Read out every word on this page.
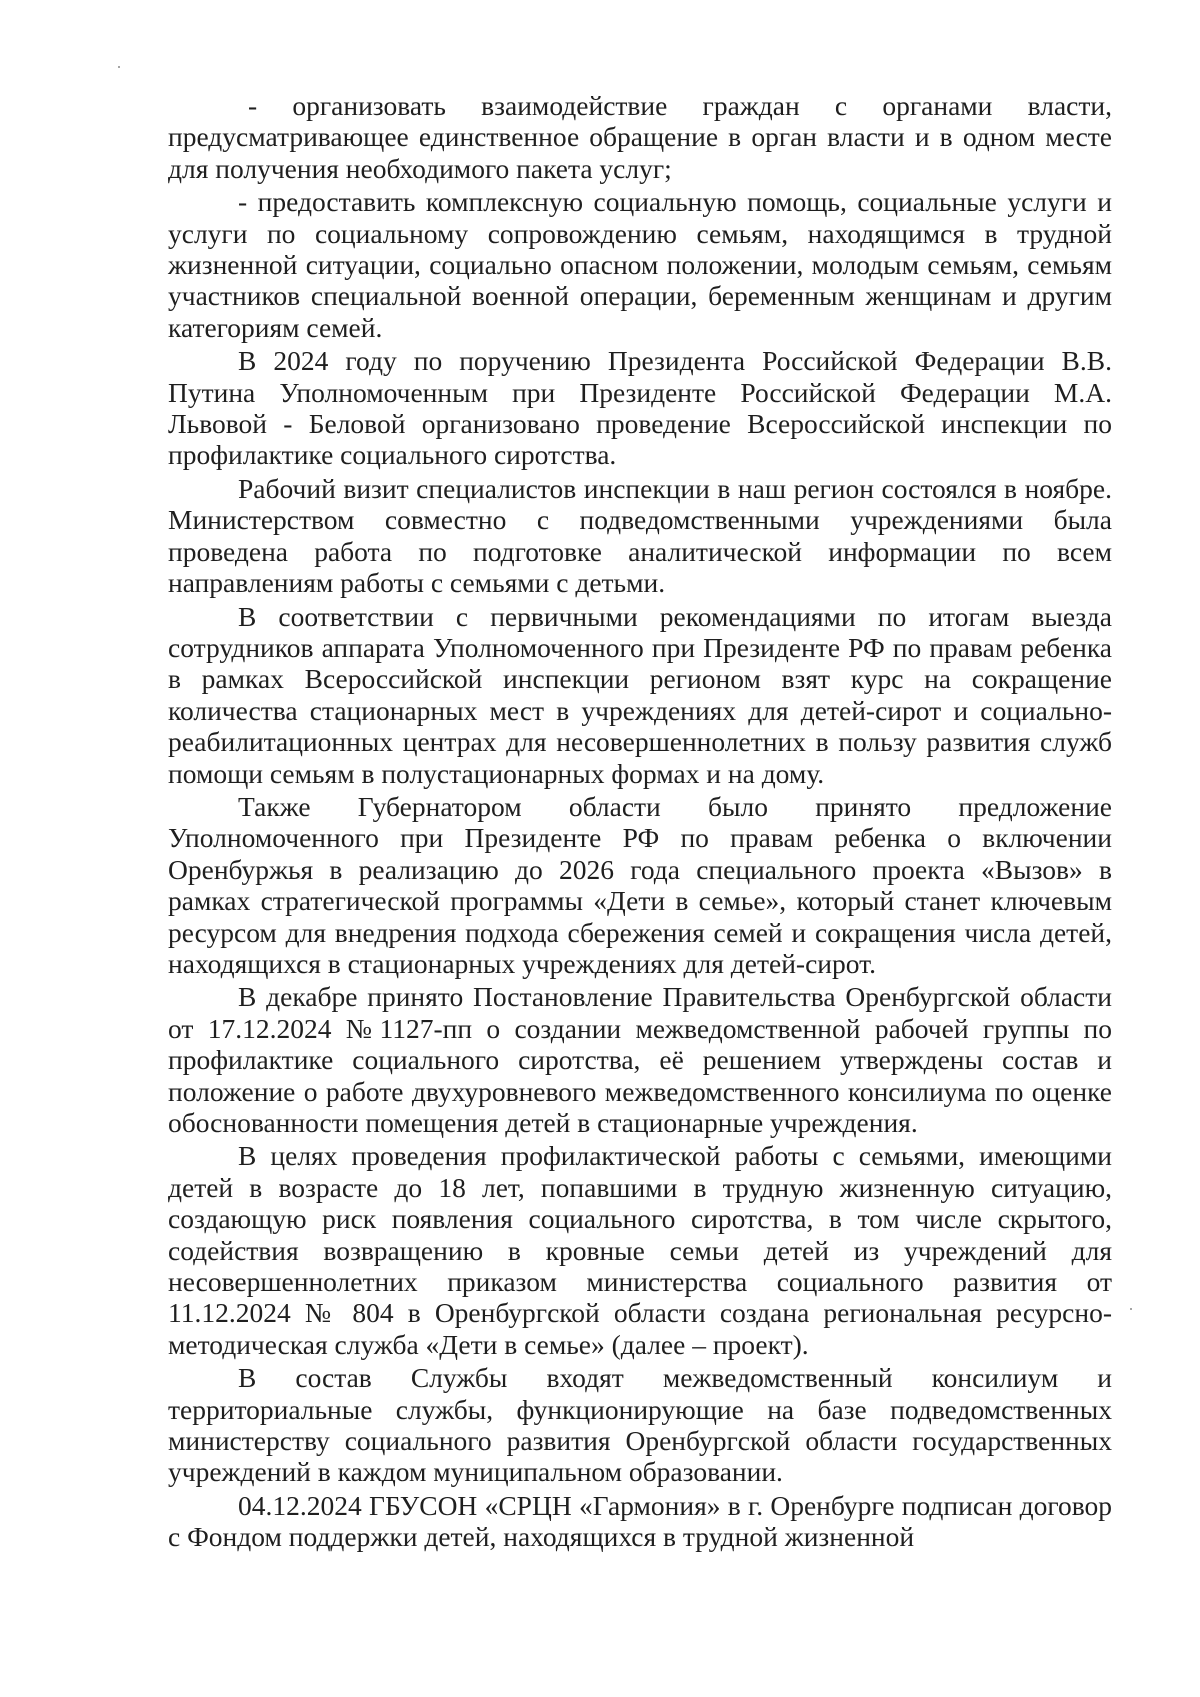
-    организовать    взаимодействие    граждан    с    органами    власти, предусматривающее единственное обращение в орган власти и в одном месте для получения необходимого пакета услуг;

- предоставить комплексную социальную помощь, социальные услуги и услуги по социальному сопровождению семьям, находящимся в трудной жизненной ситуации, социально опасном положении, молодым семьям, семьям участников специальной военной операции, беременным женщинам и другим категориям семей.

В 2024 году по поручению Президента Российской Федерации В.В. Путина Уполномоченным при Президенте Российской Федерации М.А. Львовой - Беловой организовано проведение Всероссийской инспекции по профилактике социального сиротства.

Рабочий визит специалистов инспекции в наш регион состоялся в ноябре. Министерством совместно с подведомственными учреждениями была проведена работа по подготовке аналитической информации по всем направлениям работы с семьями с детьми.

В соответствии с первичными рекомендациями по итогам выезда сотрудников аппарата Уполномоченного при Президенте РФ по правам ребенка в рамках Всероссийской инспекции регионом взят курс на сокращение количества стационарных мест в учреждениях для детей-сирот и социально-реабилитационных центрах для несовершеннолетних в пользу развития служб помощи семьям в полустационарных формах и на дому.

Также    Губернатором    области    было    принято    предложение Уполномоченного при Президенте РФ по правам ребенка о включении Оренбуржья в реализацию до 2026 года специального проекта «Вызов» в рамках стратегической программы «Дети в семье», который станет ключевым ресурсом для внедрения подхода сбережения семей и сокращения числа детей, находящихся в стационарных учреждениях для детей-сирот.

В декабре принято Постановление Правительства Оренбургской области от 17.12.2024 №1127-пп о создании межведомственной рабочей группы по профилактике социального сиротства, её решением утверждены состав и положение о работе двухуровневого межведомственного консилиума по оценке обоснованности помещения детей в стационарные учреждения.

В целях проведения профилактической работы с семьями, имеющими детей в возрасте до 18 лет, попавшими в трудную жизненную ситуацию, создающую риск появления социального сиротства, в том числе скрытого, содействия возвращению в кровные семьи детей из учреждений для несовершеннолетних приказом министерства социального развития от 11.12.2024 № 804 в Оренбургской области создана региональная ресурсно-методическая служба «Дети в семье» (далее – проект).

В    состав    Службы    входят    межведомственный    консилиум    и территориальные службы, функционирующие на базе подведомственных министерству социального развития Оренбургской области государственных учреждений в каждом муниципальном образовании.

04.12.2024 ГБУСОН «СРЦН «Гармония» в г. Оренбурге подписан договор с Фондом поддержки детей, находящихся в трудной жизненной
